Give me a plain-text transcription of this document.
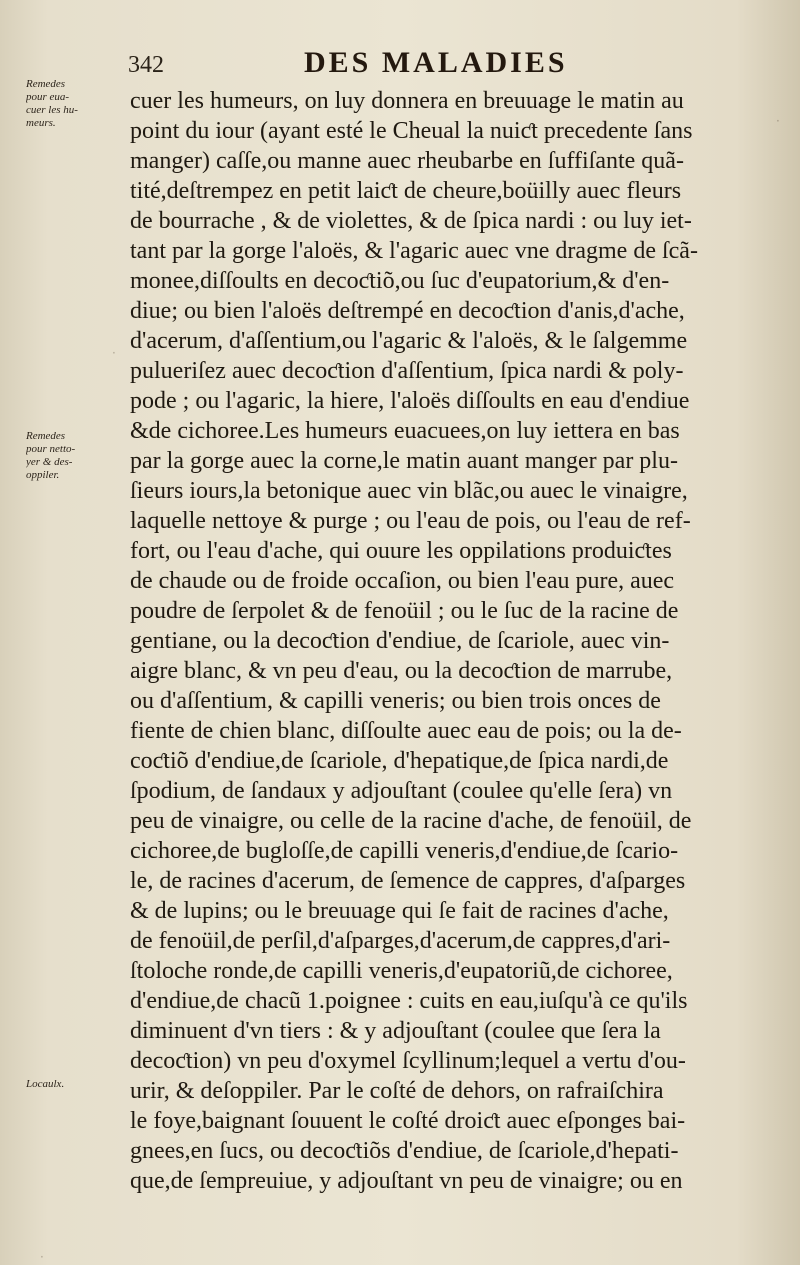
342	DES MALADIES
Remedes
pour eua-
cuer les hu-
meurs.
Remedes
pour netto-
yer & des-
oppiler.
Locaulx.
cuer les humeurs, on luy donnera en breuuage le matin au
point du iour (ayant esté le Cheual la nuiƈt precedente ſans
manger) caſſe,ou manne auec rheubarbe en ſuffiſante quã-
tité,deſtrempez en petit laiƈt de cheure,boüilly auec fleurs
de bourrache , & de violettes, & de ſpica nardi : ou luy iet-
tant par la gorge l'aloës, & l'agaric auec vne dragme de ſcã-
monee,diſſoults en decoƈtiõ,ou ſuc d'eupatorium,& d'en-
diue; ou bien l'aloës deſtrempé en decoƈtion d'anis,d'ache,
d'acerum, d'aſſentium,ou l'agaric & l'aloës, & le ſalgemme
pulueriſez auec decoƈtion d'aſſentium, ſpica nardi & poly-
pode ; ou l'agaric, la hiere, l'aloës diſſoults en eau d'endiue
&de cichoree.Les humeurs euacuees,on luy iettera en bas
par la gorge auec la corne,le matin auant manger par plu-
ſieurs iours,la betonique auec vin blãc,ou auec le vinaigre,
laquelle nettoye & purge ; ou l'eau de pois, ou l'eau de ref-
fort, ou l'eau d'ache, qui ouure les oppilations produiƈtes
de chaude ou de froide occaſion, ou bien l'eau pure, auec
poudre de ſerpolet & de fenoüil ; ou le ſuc de la racine de
gentiane, ou la decoƈtion d'endiue, de ſcariole, auec vin-
aigre blanc, & vn peu d'eau, ou la decoƈtion de marrube,
ou d'aſſentium, & capilli veneris; ou bien trois onces de
fiente de chien blanc, diſſoulte auec eau de pois; ou la de-
coƈtiõ d'endiue,de ſcariole, d'hepatique,de ſpica nardi,de
ſpodium, de ſandaux y adjouſtant (coulee qu'elle ſera) vn
peu de vinaigre, ou celle de la racine d'ache, de fenoüil, de
cichoree,de bugloſſe,de capilli veneris,d'endiue,de ſcario-
le, de racines d'acerum, de ſemence de cappres, d'aſparges
& de lupins; ou le breuuage qui ſe fait de racines d'ache,
de fenoüil,de perſil,d'aſparges,d'acerum,de cappres,d'ari-
ſtoloche ronde,de capilli veneris,d'eupatoriũ,de cichoree,
d'endiue,de chacũ 1.poignee : cuits en eau,iuſqu'à ce qu'ils
diminuent d'vn tiers : & y adjouſtant (coulee que ſera la
decoƈtion) vn peu d'oxymel ſcyllinum;lequel a vertu d'ou-
urir, & deſoppiler. Par le coſté de dehors, on rafraiſchira
le foye,baignant ſouuent le coſté droiƈt auec eſponges bai-
gnees,en ſucs, ou decoƈtiõs d'endiue, de ſcariole,d'hepati-
que,de ſempreuiue, y adjouſtant vn peu de vinaigre; ou en
·
·
·
